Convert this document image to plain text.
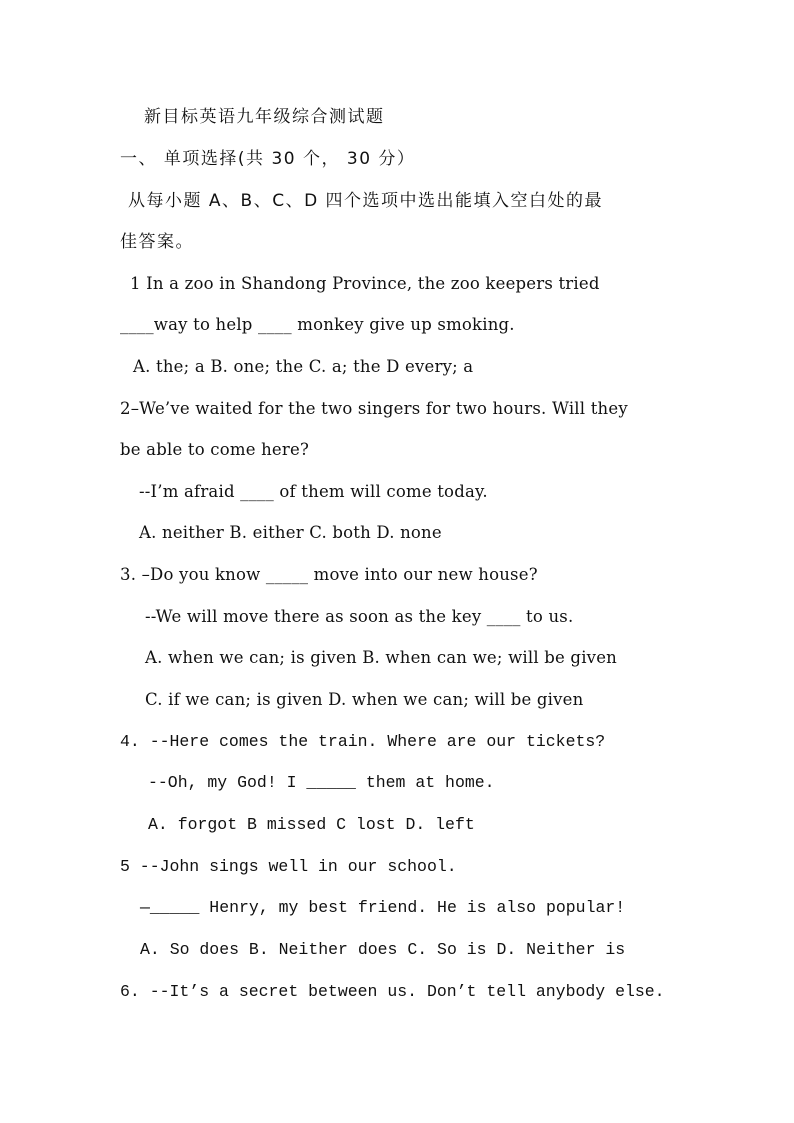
新目标英语九年级综合测试题
一、 单项选择(共 30 个， 30 分）
从每小题 A、B、C、D 四个选项中选出能填入空白处的最
佳答案。
1 In a zoo in Shandong Province, the zoo keepers tried
____way to help ____ monkey give up smoking.
A. the; a B. one; the C. a; the D every; a
2–We’ve waited for the two singers for two hours. Will they
be able to come here?
--I’m afraid ____ of them will come today.
A. neither B. either C. both D. none
3. –Do you know _____ move into our new house?
--We will move there as soon as the key ____ to us.
A. when we can; is given B. when can we; will be given
C. if we can; is given D. when we can; will be given
4. --Here comes the train. Where are our tickets?
--Oh, my God! I _____ them at home.
A. forgot B missed C lost D. left
5 --John sings well in our school.
—_____ Henry, my best friend. He is also popular!
A. So does B. Neither does C. So is D. Neither is
6. --It’s a secret between us. Don’t tell anybody else.
